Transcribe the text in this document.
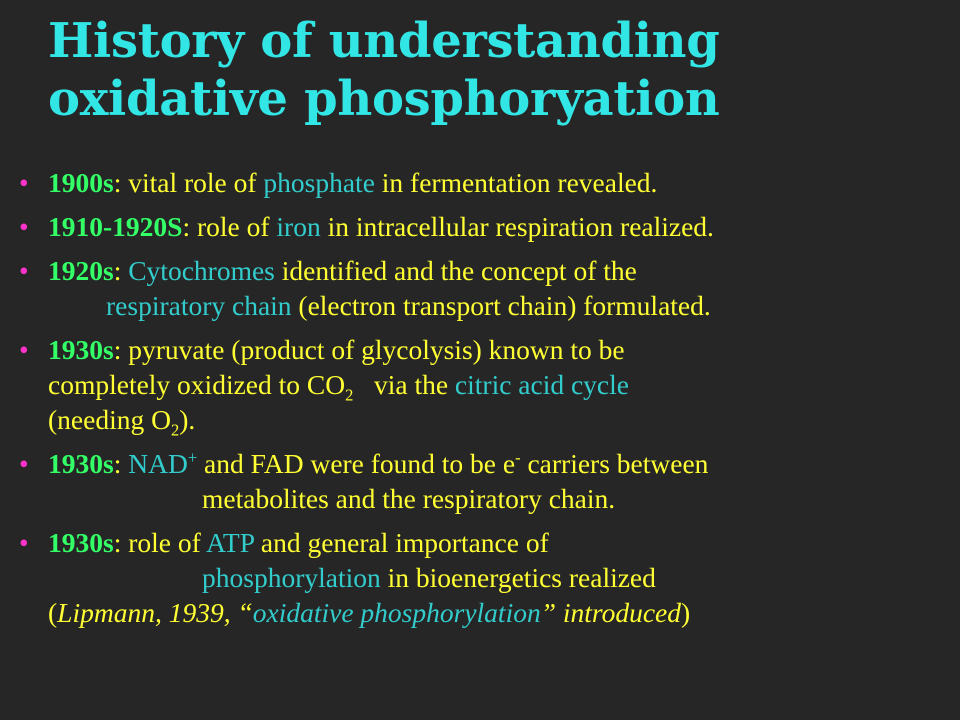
History of understanding
oxidative phosphoryation
• 1900s: vital role of phosphate in fermentation revealed.
• 1910-1920S: role of iron in intracellular respiration realized.
• 1920s: Cytochromes identified and the concept of the
respiratory chain (electron transport chain) formulated.
• 1930s: pyruvate (product of glycolysis) known to be
completely oxidized to $CO_2$   via the citric acid cycle
(needing $O_2$).
• 1930s: NAD+ and FAD were found to be e- carriers between
metabolites and the respiratory chain.
• 1930s: role of ATP and general importance of
phosphorylation in bioenergetics realized
(Lipmann, 1939, “oxidative phosphorylation” introduced)
